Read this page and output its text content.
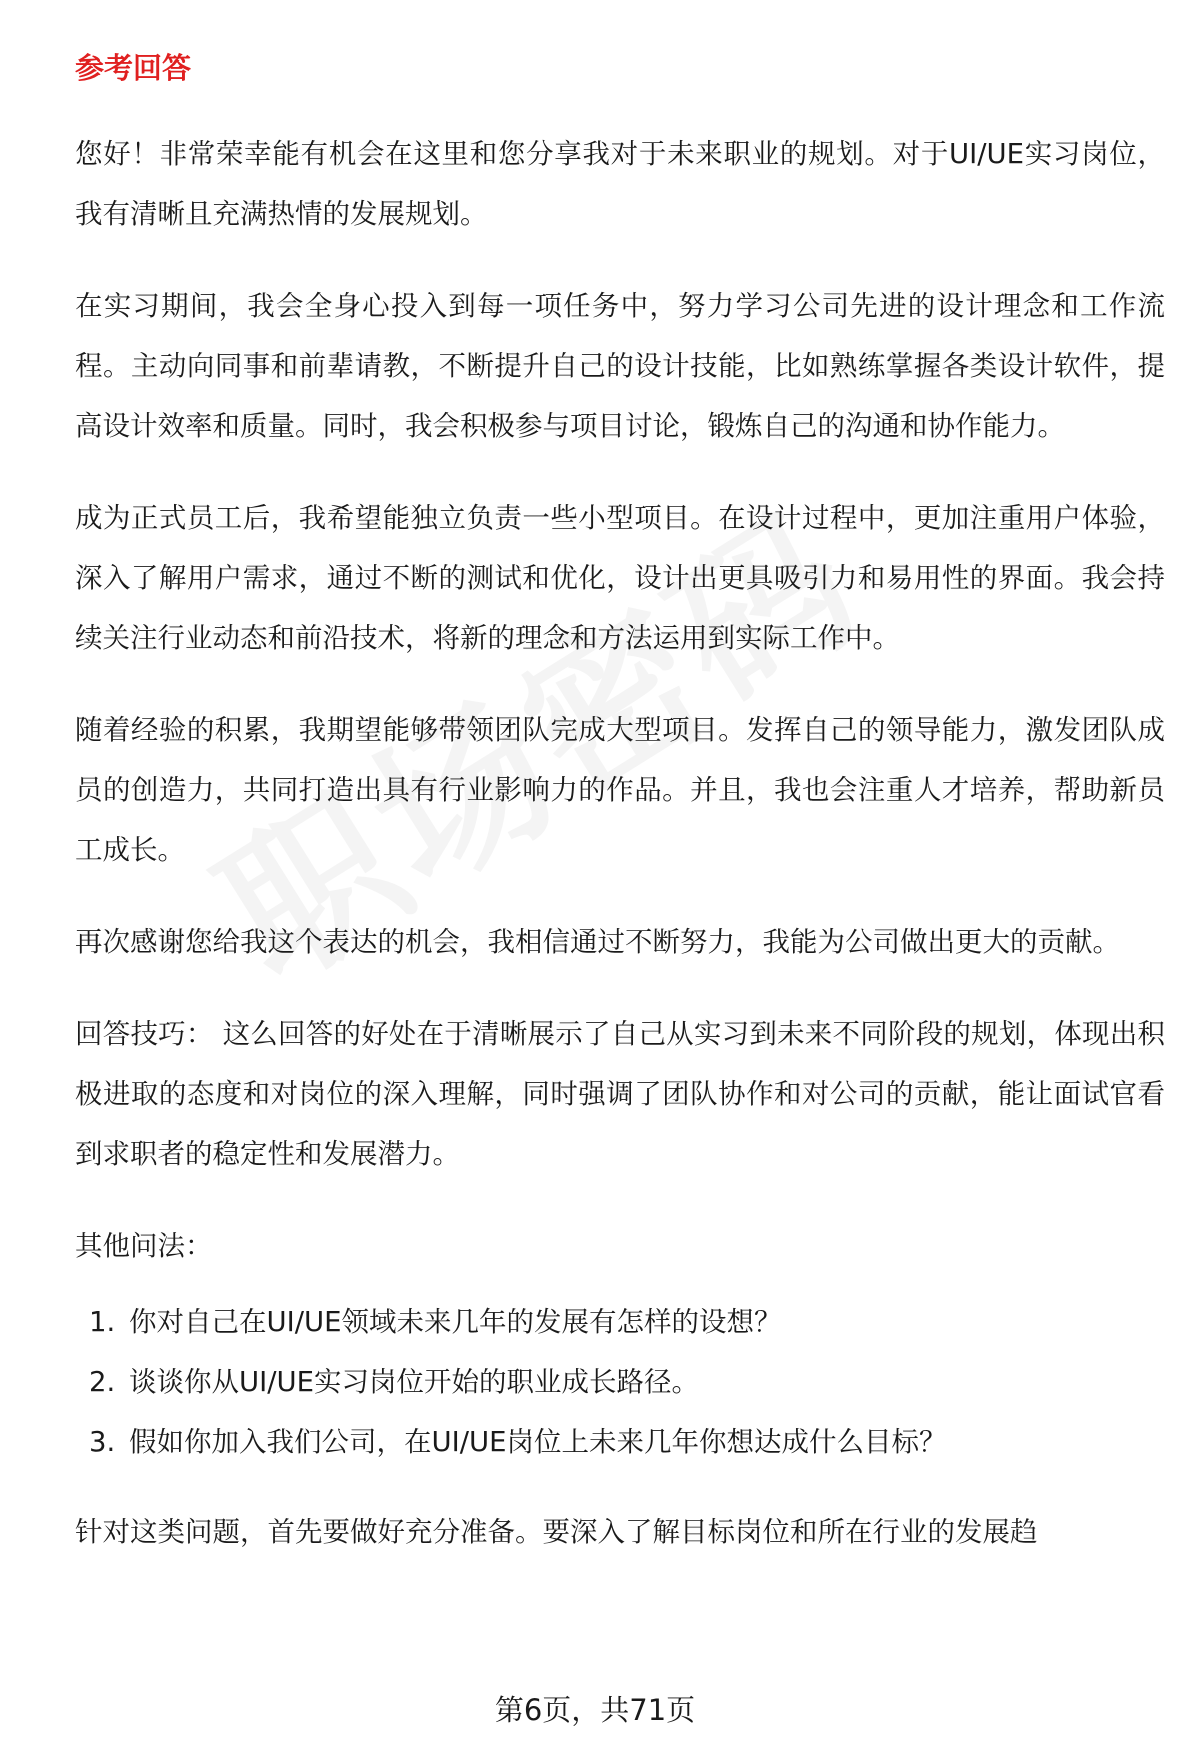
参考回答

您好！非常荣幸能有机会在这里和您分享我对于未来职业的规划。对于UI/UE实习岗位，我有清晰且充满热情的发展规划。

在实习期间，我会全身心投入到每一项任务中，努力学习公司先进的设计理念和工作流程。主动向同事和前辈请教，不断提升自己的设计技能，比如熟练掌握各类设计软件，提高设计效率和质量。同时，我会积极参与项目讨论，锻炼自己的沟通和协作能力。

成为正式员工后，我希望能独立负责一些小型项目。在设计过程中，更加注重用户体验，深入了解用户需求，通过不断的测试和优化，设计出更具吸引力和易用性的界面。我会持续关注行业动态和前沿技术，将新的理念和方法运用到实际工作中。

随着经验的积累，我期望能够带领团队完成大型项目。发挥自己的领导能力，激发团队成员的创造力，共同打造出具有行业影响力的作品。并且，我也会注重人才培养，帮助新员工成长。

再次感谢您给我这个表达的机会，我相信通过不断努力，我能为公司做出更大的贡献。

回答技巧： 这么回答的好处在于清晰展示了自己从实习到未来不同阶段的规划，体现出积极进取的态度和对岗位的深入理解，同时强调了团队协作和对公司的贡献，能让面试官看到求职者的稳定性和发展潜力。

其他问法：
1. 你对自己在UI/UE领域未来几年的发展有怎样的设想？
2. 谈谈你从UI/UE实习岗位开始的职业成长路径。
3. 假如你加入我们公司，在UI/UE岗位上未来几年你想达成什么目标？

针对这类问题，首先要做好充分准备。要深入了解目标岗位和所在行业的发展趋

第6页，共71页
